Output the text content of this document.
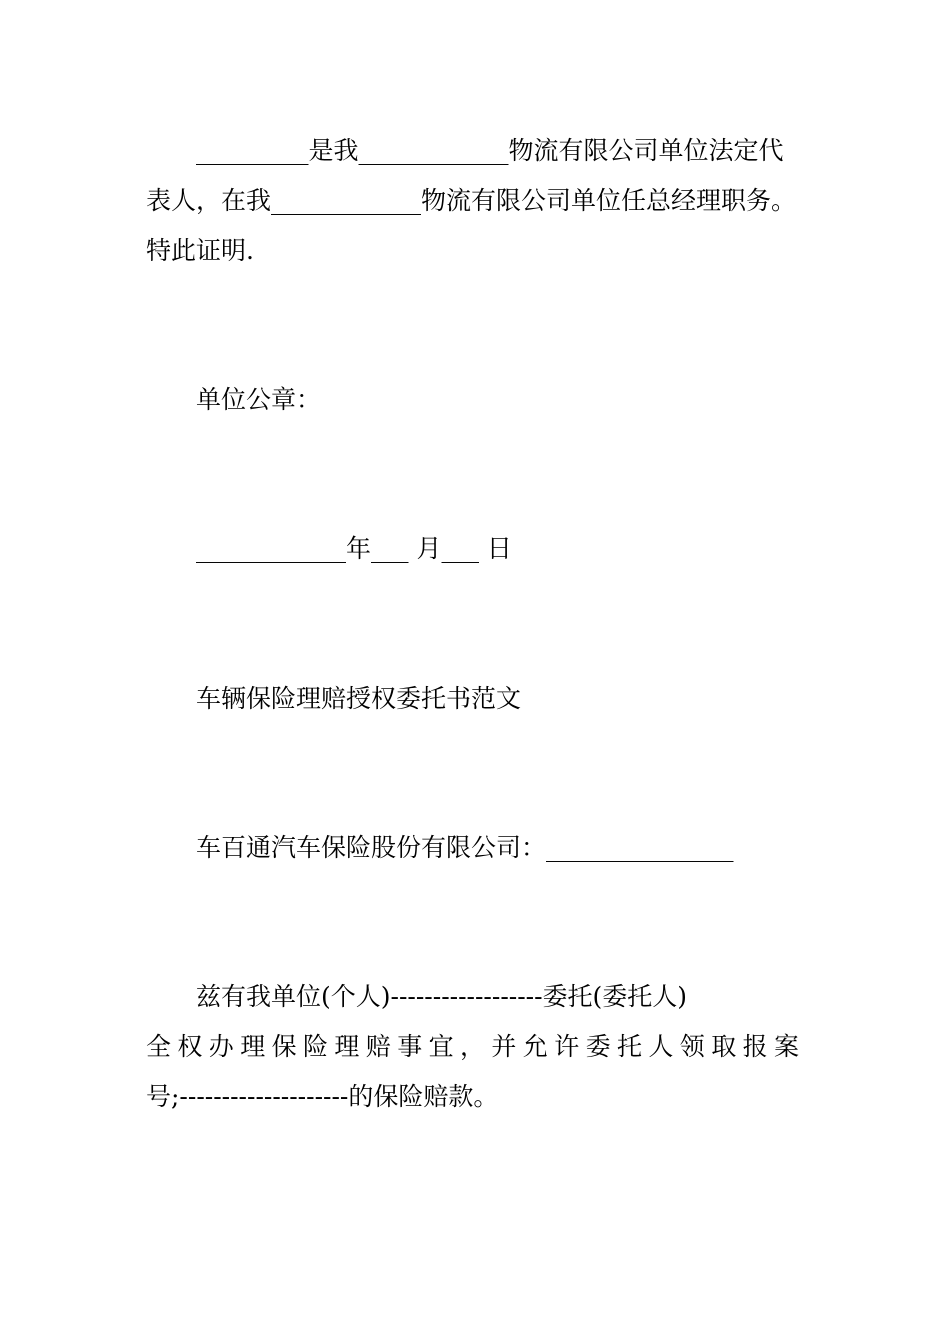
_________是我____________物流有限公司单位法定代
表人，在我____________物流有限公司单位任总经理职务。
特此证明.
单位公章：
____________年___ 月___ 日
车辆保险理赔授权委托书范文
车百通汽车保险股份有限公司：_______________
兹有我单位(个人)------------------委托(委托人)
全权办理保险理赔事宜，并允许委托人领取报案
号;--------------------的保险赔款。
